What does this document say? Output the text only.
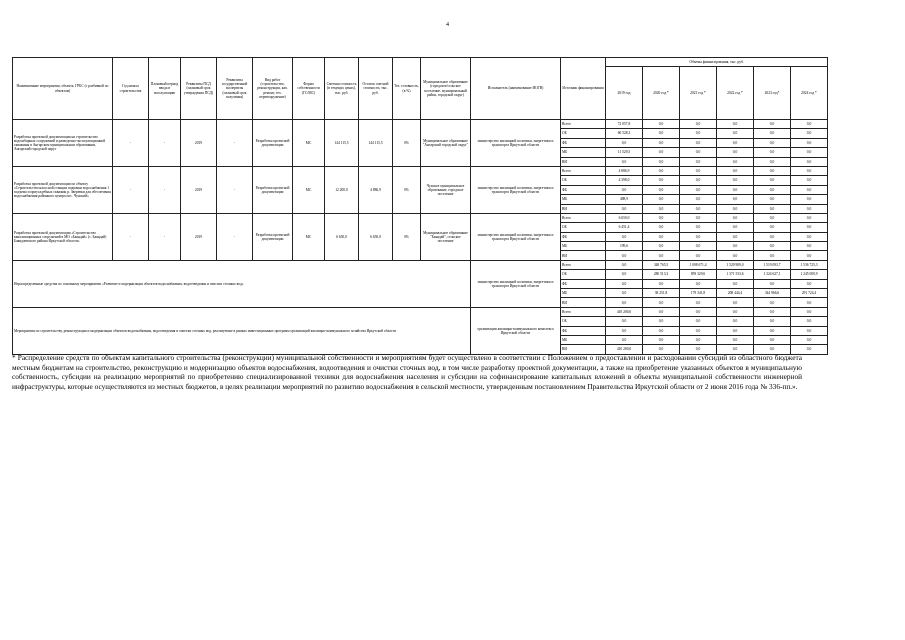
4
Наименование мероприятия, объекта, ГРБС (с разбивкой по объектам)	Год начала строительства	Плановый период ввода в эксплуатацию	Реквизиты ПСД (плановый срок утверждения ПСД)	Реквизиты государственной экспертизы (плановый срок получения)	Вид работ (строительство, реконструкция, кап. ремонт, тех. перевооружение)	Форма собственности (ГС/МС)	Сметная стоимость (в текущих ценах), тыс. руб.	Остаток сметной стоимости, тыс. руб.	Тех. готовность, (в %)	Муниципальное образование (городское/сельское поселение, муниципальный район, городской округ)	Исполнитель (наименование ИОГВ)	Источник финансирования	Объемы финансирования, тыс. руб.					
													2019 год	2020 год *	2021 год *	2022 год *	2023 год*	2024 год *
Разработка проектной документации на строительство водозаборных сооружений и разведочно-эксплуатационной скважины в Ангарском муниципальном образовании, Ангарский городской округ	-	-	2019	-	Разработка проектной документации	МС	144 115,5	144 115,5	0%	Муниципальное образование "Ангарский городской округ"	министерство жилищной политики, энергетики и транспорта Иркутской области	Всего	72 057,8	0,0	0,0	0,0	0,0	0,0
												ОБ	60 528,3	0,0	0,0	0,0	0,0	0,0
												ФБ	0,0	0,0	0,0	0,0	0,0	0,0
												МБ	11 529,5	0,0	0,0	0,0	0,0	0,0
												ВИ	0,0	0,0	0,0	0,0	0,0	0,0
Разработка проектной документации по объекту «Строительство насосной станции подкачки водоснабжения 1 подъема и приусадебных скважин р. Зверевки для обеспечения водоснабжения районного центра пос. Чунский»	-	-	2019	-	Разработка проектной документации	МС	12 200,0	4 886,9	0%	Чунское муниципальное образование, городское поселение	министерство жилищной политики, энергетики и транспорта Иркутской области	Всего	4 886,9	0,0	0,0	0,0	0,0	0,0
												ОБ	4 398,0	0,0	0,0	0,0	0,0	0,0
												ФБ	0,0	0,0	0,0	0,0	0,0	0,0
												МБ	488,9	0,0	0,0	0,0	0,0	0,0
												ВИ	0,0	0,0	0,0	0,0	0,0	0,0
Разработка проектной документации «Строительство канализационных сооружений в МО «Баяндай» (с. Баяндай) Баяндаевского района Иркутской области»	-	-	2019	-	Разработка проектной документации	МС	6 650,0	6 650,0	0%	Муниципальное образование "Баяндай", сельское поселение	министерство жилищной политики, энергетики и транспорта Иркутской области	Всего	6 650,0	0,0	0,0	0,0	0,0	0,0
												ОБ	6 451,4	0,0	0,0	0,0	0,0	0,0
												ФБ	0,0	0,0	0,0	0,0	0,0	0,0
												МБ	199,6	0,0	0,0	0,0	0,0	0,0
												ВИ	0,0	0,0	0,0	0,0	0,0	0,0
Нераспределенные средства по основному мероприятию «Развитие и модернизация объектов водоснабжения, водоотведения и очистки сточных вод»											министерство жилищной политики, энергетики и транспорта Иркутской области	Всего	0,0	348 765,5	1 008 671,4	1 529 909,0	1 519 093,7	1 536 725,3
												ОБ	0,0	280 513,3	859 329,6	1 371 533,6	1 324 627,1	1 245 000,9
												ФБ	0,0	0,0	0,0	0,0	0,0	0,0
												МБ	0,0	38 251,8	179 341,8	208 444,4	344 966,6	291 724,4
												ВИ	0,0	0,0	0,0	0,0	0,0	0,0
Мероприятия по строительству, реконструкции и модернизации объектов водоснабжения, водоотведения и очистки сточных вод, реализуемые в рамках инвестиционных программ организаций жилищно-коммунального хозяйства Иркутской области											организации жилищно-коммунального комплекса Иркутской области	Всего	410 200,0	0,0	0,0	0,0	0,0	0,0
												ОБ	0,0	0,0	0,0	0,0	0,0	0,0
												ФБ	0,0	0,0	0,0	0,0	0,0	0,0
												МБ	0,0	0,0	0,0	0,0	0,0	0,0
												ВИ	410 200,0	0,0	0,0	0,0	0,0	0,0
* Распределение средств по объектам капитального строительства (реконструкции) муниципальной собственности и мероприятиям будет осуществлено в соответствии с Положением о предоставлении и расходовании субсидий из областного бюджета местным бюджетам на строительство, реконструкцию и модернизацию объектов водоснабжения, водоотведения и очистки сточных вод, в том числе разработку проектной документации, а также на приобретение указанных объектов в муниципальную собственность, субсидии на реализацию мероприятий по приобретению специализированной техники для водоснабжения населения и субсидии на софинансирование капитальных вложений в объекты муниципальной собственности инженерной инфраструктуры, которые осуществляются из местных бюджетов, в целях реализации мероприятий по развитию водоснабжения в сельской местности, утвержденным постановлением Правительства Иркутской области от 2 июня 2016 года № 336-пп.».
